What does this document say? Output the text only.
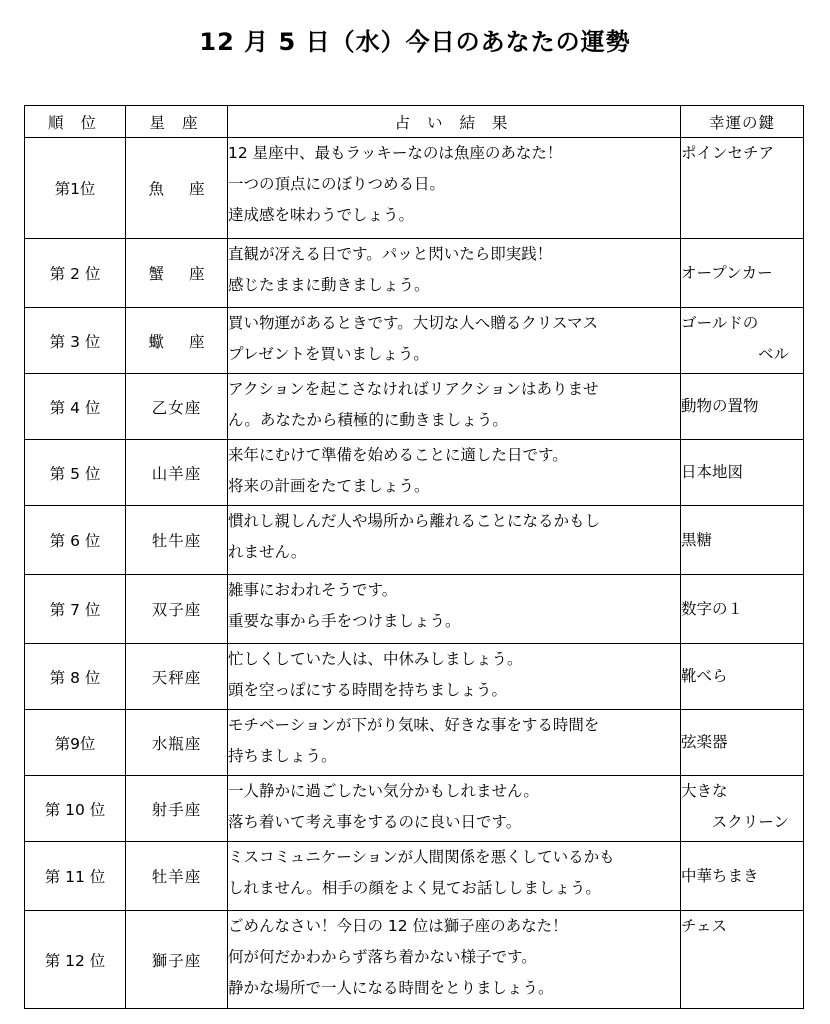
12 月 5 日（水）今日のあなたの運勢
順 位	星 座	占 い 結 果	幸運の鍵
第1位	魚 座	12 星座中、最もラッキーなのは魚座のあなた！
一つの頂点にのぼりつめる日。
達成感を味わうでしょう。	ポインセチア

第 2 位	蟹 座	直観が冴える日です。パッと閃いたら即実践！
感じたままに動きましょう。	オープンカー

第 3 位	蠍 座	買い物運があるときです。大切な人へ贈るクリスマス
プレゼントを買いましょう。	ゴールドの
ベル

第 4 位	乙女座	アクションを起こさなければリアクションはありませ
ん。あなたから積極的に動きましょう。	動物の置物

第 5 位	山羊座	来年にむけて準備を始めることに適した日です。
将来の計画をたてましょう。	日本地図

第 6 位	牡牛座	慣れし親しんだ人や場所から離れることになるかもし
れません。	黒糖

第 7 位	双子座	雑事におわれそうです。
重要な事から手をつけましょう。	数字の１

第 8 位	天秤座	忙しくしていた人は、中休みしましょう。
頭を空っぽにする時間を持ちましょう。	靴べら

第9位	水瓶座	モチベーションが下がり気味、好きな事をする時間を
持ちましょう。	弦楽器

第 10 位	射手座	一人静かに過ごしたい気分かもしれません。
落ち着いて考え事をするのに良い日です。	大きな
スクリーン

第 11 位	牡羊座	ミスコミュニケーションが人間関係を悪くしているかも
しれません。相手の顔をよく見てお話ししましょう。	中華ちまき

第 12 位	獅子座	ごめんなさい！今日の 12 位は獅子座のあなた！
何が何だかわからず落ち着かない様子です。
静かな場所で一人になる時間をとりましょう。	チェス
